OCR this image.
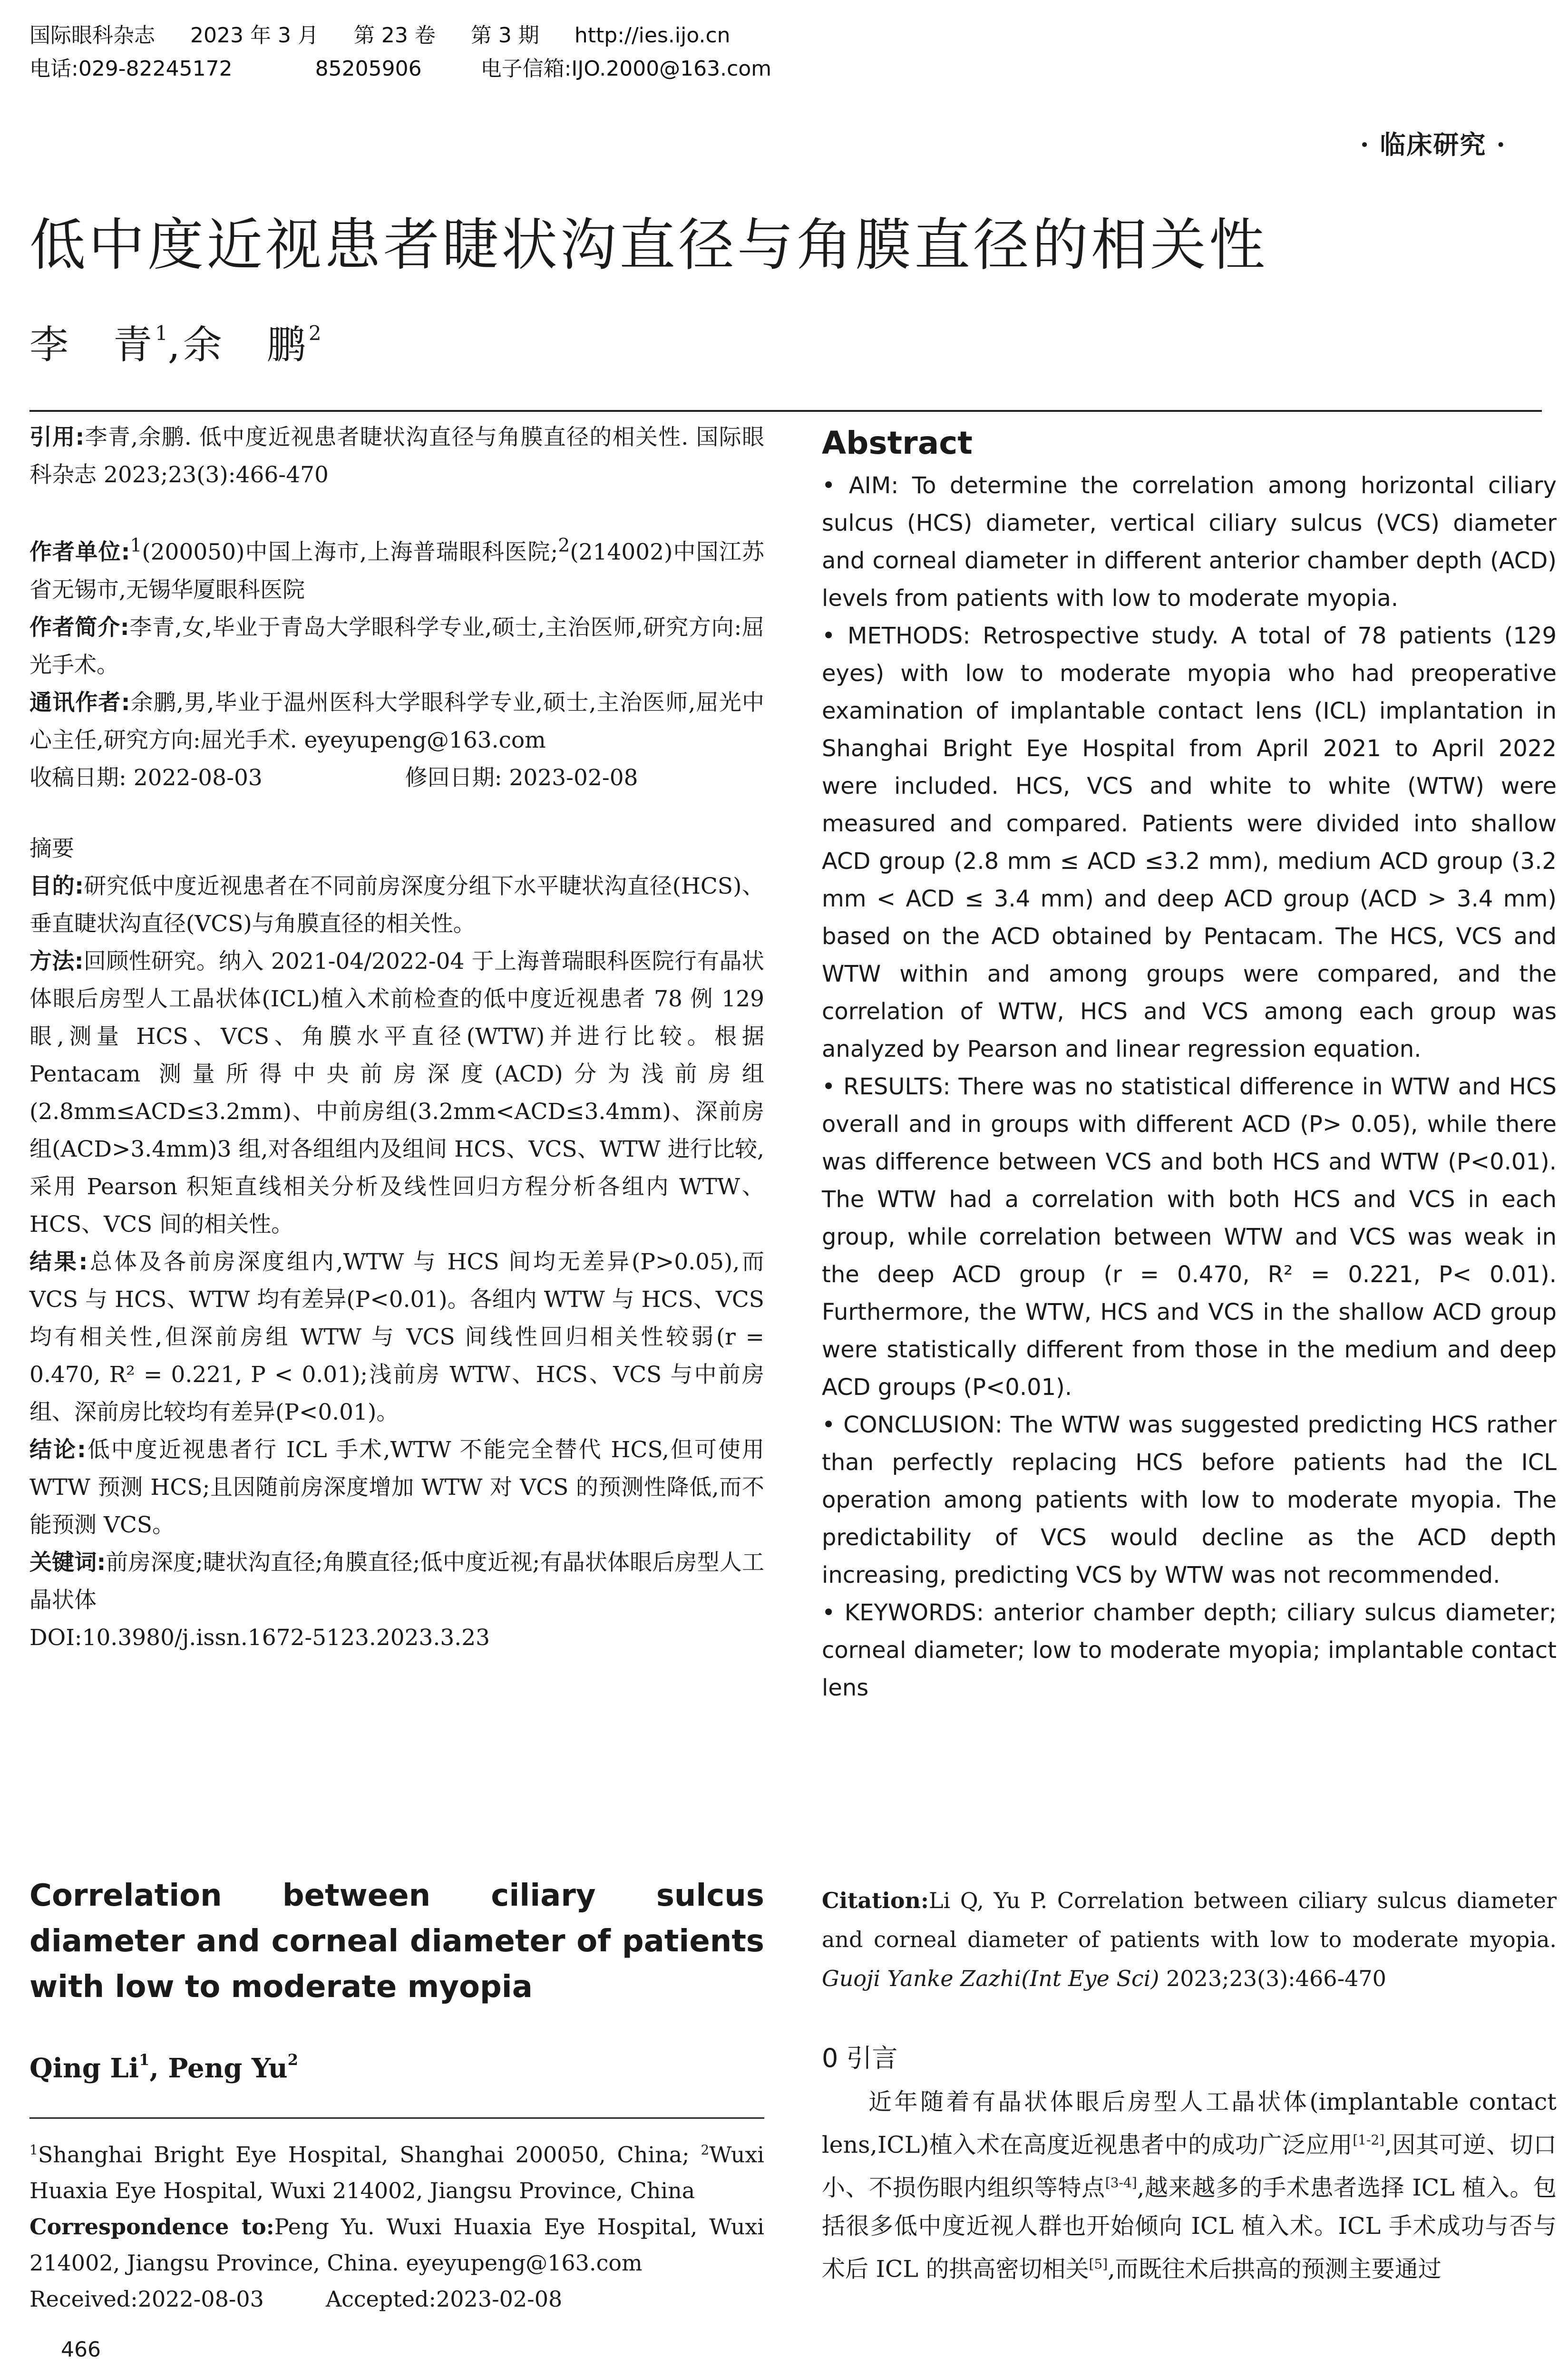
国际眼科杂志 2023 年 3 月 第 23 卷 第 3 期 http://ies.ijo.cn
电话:029-82245172	85205906	电子信箱:IJO.2000@163.com
· 临床研究 ·
低中度近视患者睫状沟直径与角膜直径的相关性
李　青$^1$,余　鹏$^2$

引用:李青,余鹏. 低中度近视患者睫状沟直径与角膜直径的相关性. 国际眼科杂志 2023;23(3):466-470

作者单位:$^1$(200050)中国上海市,上海普瑞眼科医院;$^2$(214002)中国江苏省无锡市,无锡华厦眼科医院

作者简介:李青,女,毕业于青岛大学眼科学专业,硕士,主治医师,研究方向:屈光手术。

通讯作者:余鹏,男,毕业于温州医科大学眼科学专业,硕士,主治医师,屈光中心主任,研究方向:屈光手术. eyeyupeng@163.com

收稿日期: 2022-08-03	修回日期: 2023-02-08

摘要

目的:研究低中度近视患者在不同前房深度分组下水平睫状沟直径(HCS)、垂直睫状沟直径(VCS)与角膜直径的相关性。

方法:回顾性研究。纳入 2021-04/2022-04 于上海普瑞眼科医院行有晶状体眼后房型人工晶状体(ICL)植入术前检查的低中度近视患者 78 例 129 眼,测量 HCS、VCS、角膜水平直径(WTW)并进行比较。根据 Pentacam 测量所得中央前房深度(ACD)分为浅前房组(2.8mm≤ACD≤3.2mm)、中前房组(3.2mm<ACD≤3.4mm)、深前房组(ACD>3.4mm)3 组,对各组组内及组间 HCS、VCS、WTW 进行比较,采用 Pearson 积矩直线相关分析及线性回归方程分析各组内 WTW、HCS、VCS 间的相关性。

结果:总体及各前房深度组内,WTW 与 HCS 间均无差异(P>0.05),而 VCS 与 HCS、WTW 均有差异(P<0.01)。各组内 WTW 与 HCS、VCS 均有相关性,但深前房组 WTW 与 VCS 间线性回归相关性较弱(r = 0.470, R² = 0.221, P < 0.01);浅前房 WTW、HCS、VCS 与中前房组、深前房比较均有差异(P<0.01)。

结论:低中度近视患者行 ICL 手术,WTW 不能完全替代 HCS,但可使用 WTW 预测 HCS;且因随前房深度增加 WTW 对 VCS 的预测性降低,而不能预测 VCS。

关键词:前房深度;睫状沟直径;角膜直径;低中度近视;有晶状体眼后房型人工晶状体

DOI:10.3980/j.issn.1672-5123.2023.3.23

Abstract

• AIM: To determine the correlation among horizontal ciliary sulcus (HCS) diameter, vertical ciliary sulcus (VCS) diameter and corneal diameter in different anterior chamber depth (ACD) levels from patients with low to moderate myopia.

• METHODS: Retrospective study. A total of 78 patients (129 eyes) with low to moderate myopia who had preoperative examination of implantable contact lens (ICL) implantation in Shanghai Bright Eye Hospital from April 2021 to April 2022 were included. HCS, VCS and white to white (WTW) were measured and compared. Patients were divided into shallow ACD group (2.8 mm ≤ ACD ≤3.2 mm), medium ACD group (3.2 mm < ACD ≤ 3.4 mm) and deep ACD group (ACD > 3.4 mm) based on the ACD obtained by Pentacam. The HCS, VCS and WTW within and among groups were compared, and the correlation of WTW, HCS and VCS among each group was analyzed by Pearson and linear regression equation.

• RESULTS: There was no statistical difference in WTW and HCS overall and in groups with different ACD (P> 0.05), while there was difference between VCS and both HCS and WTW (P<0.01). The WTW had a correlation with both HCS and VCS in each group, while correlation between WTW and VCS was weak in the deep ACD group (r = 0.470, R² = 0.221, P< 0.01). Furthermore, the WTW, HCS and VCS in the shallow ACD group were statistically different from those in the medium and deep ACD groups (P<0.01).

• CONCLUSION: The WTW was suggested predicting HCS rather than perfectly replacing HCS before patients had the ICL operation among patients with low to moderate myopia. The predictability of VCS would decline as the ACD depth increasing, predicting VCS by WTW was not recommended.

• KEYWORDS: anterior chamber depth; ciliary sulcus diameter; corneal diameter; low to moderate myopia; implantable contact lens

Correlation between ciliary sulcus diameter and corneal diameter of patients with low to moderate myopia
Qing Li$^1$, Peng Yu$^2$

$^1$Shanghai Bright Eye Hospital, Shanghai 200050, China; $^2$Wuxi Huaxia Eye Hospital, Wuxi 214002, Jiangsu Province, China

Correspondence to:Peng Yu. Wuxi Huaxia Eye Hospital, Wuxi 214002, Jiangsu Province, China. eyeyupeng@163.com

Received:2022-08-03	Accepted:2023-02-08

Citation:Li Q, Yu P. Correlation between ciliary sulcus diameter and corneal diameter of patients with low to moderate myopia. Guoji Yanke Zazhi(Int Eye Sci) 2023;23(3):466-470
0 引言
近年随着有晶状体眼后房型人工晶状体(implantable contact lens,ICL)植入术在高度近视患者中的成功广泛应用[1-2],因其可逆、切口小、不损伤眼内组织等特点[3-4],越来越多的手术患者选择 ICL 植入。包括很多低中度近视人群也开始倾向 ICL 植入术。ICL 手术成功与否与术后 ICL 的拱高密切相关[5],而既往术后拱高的预测主要通过
466
